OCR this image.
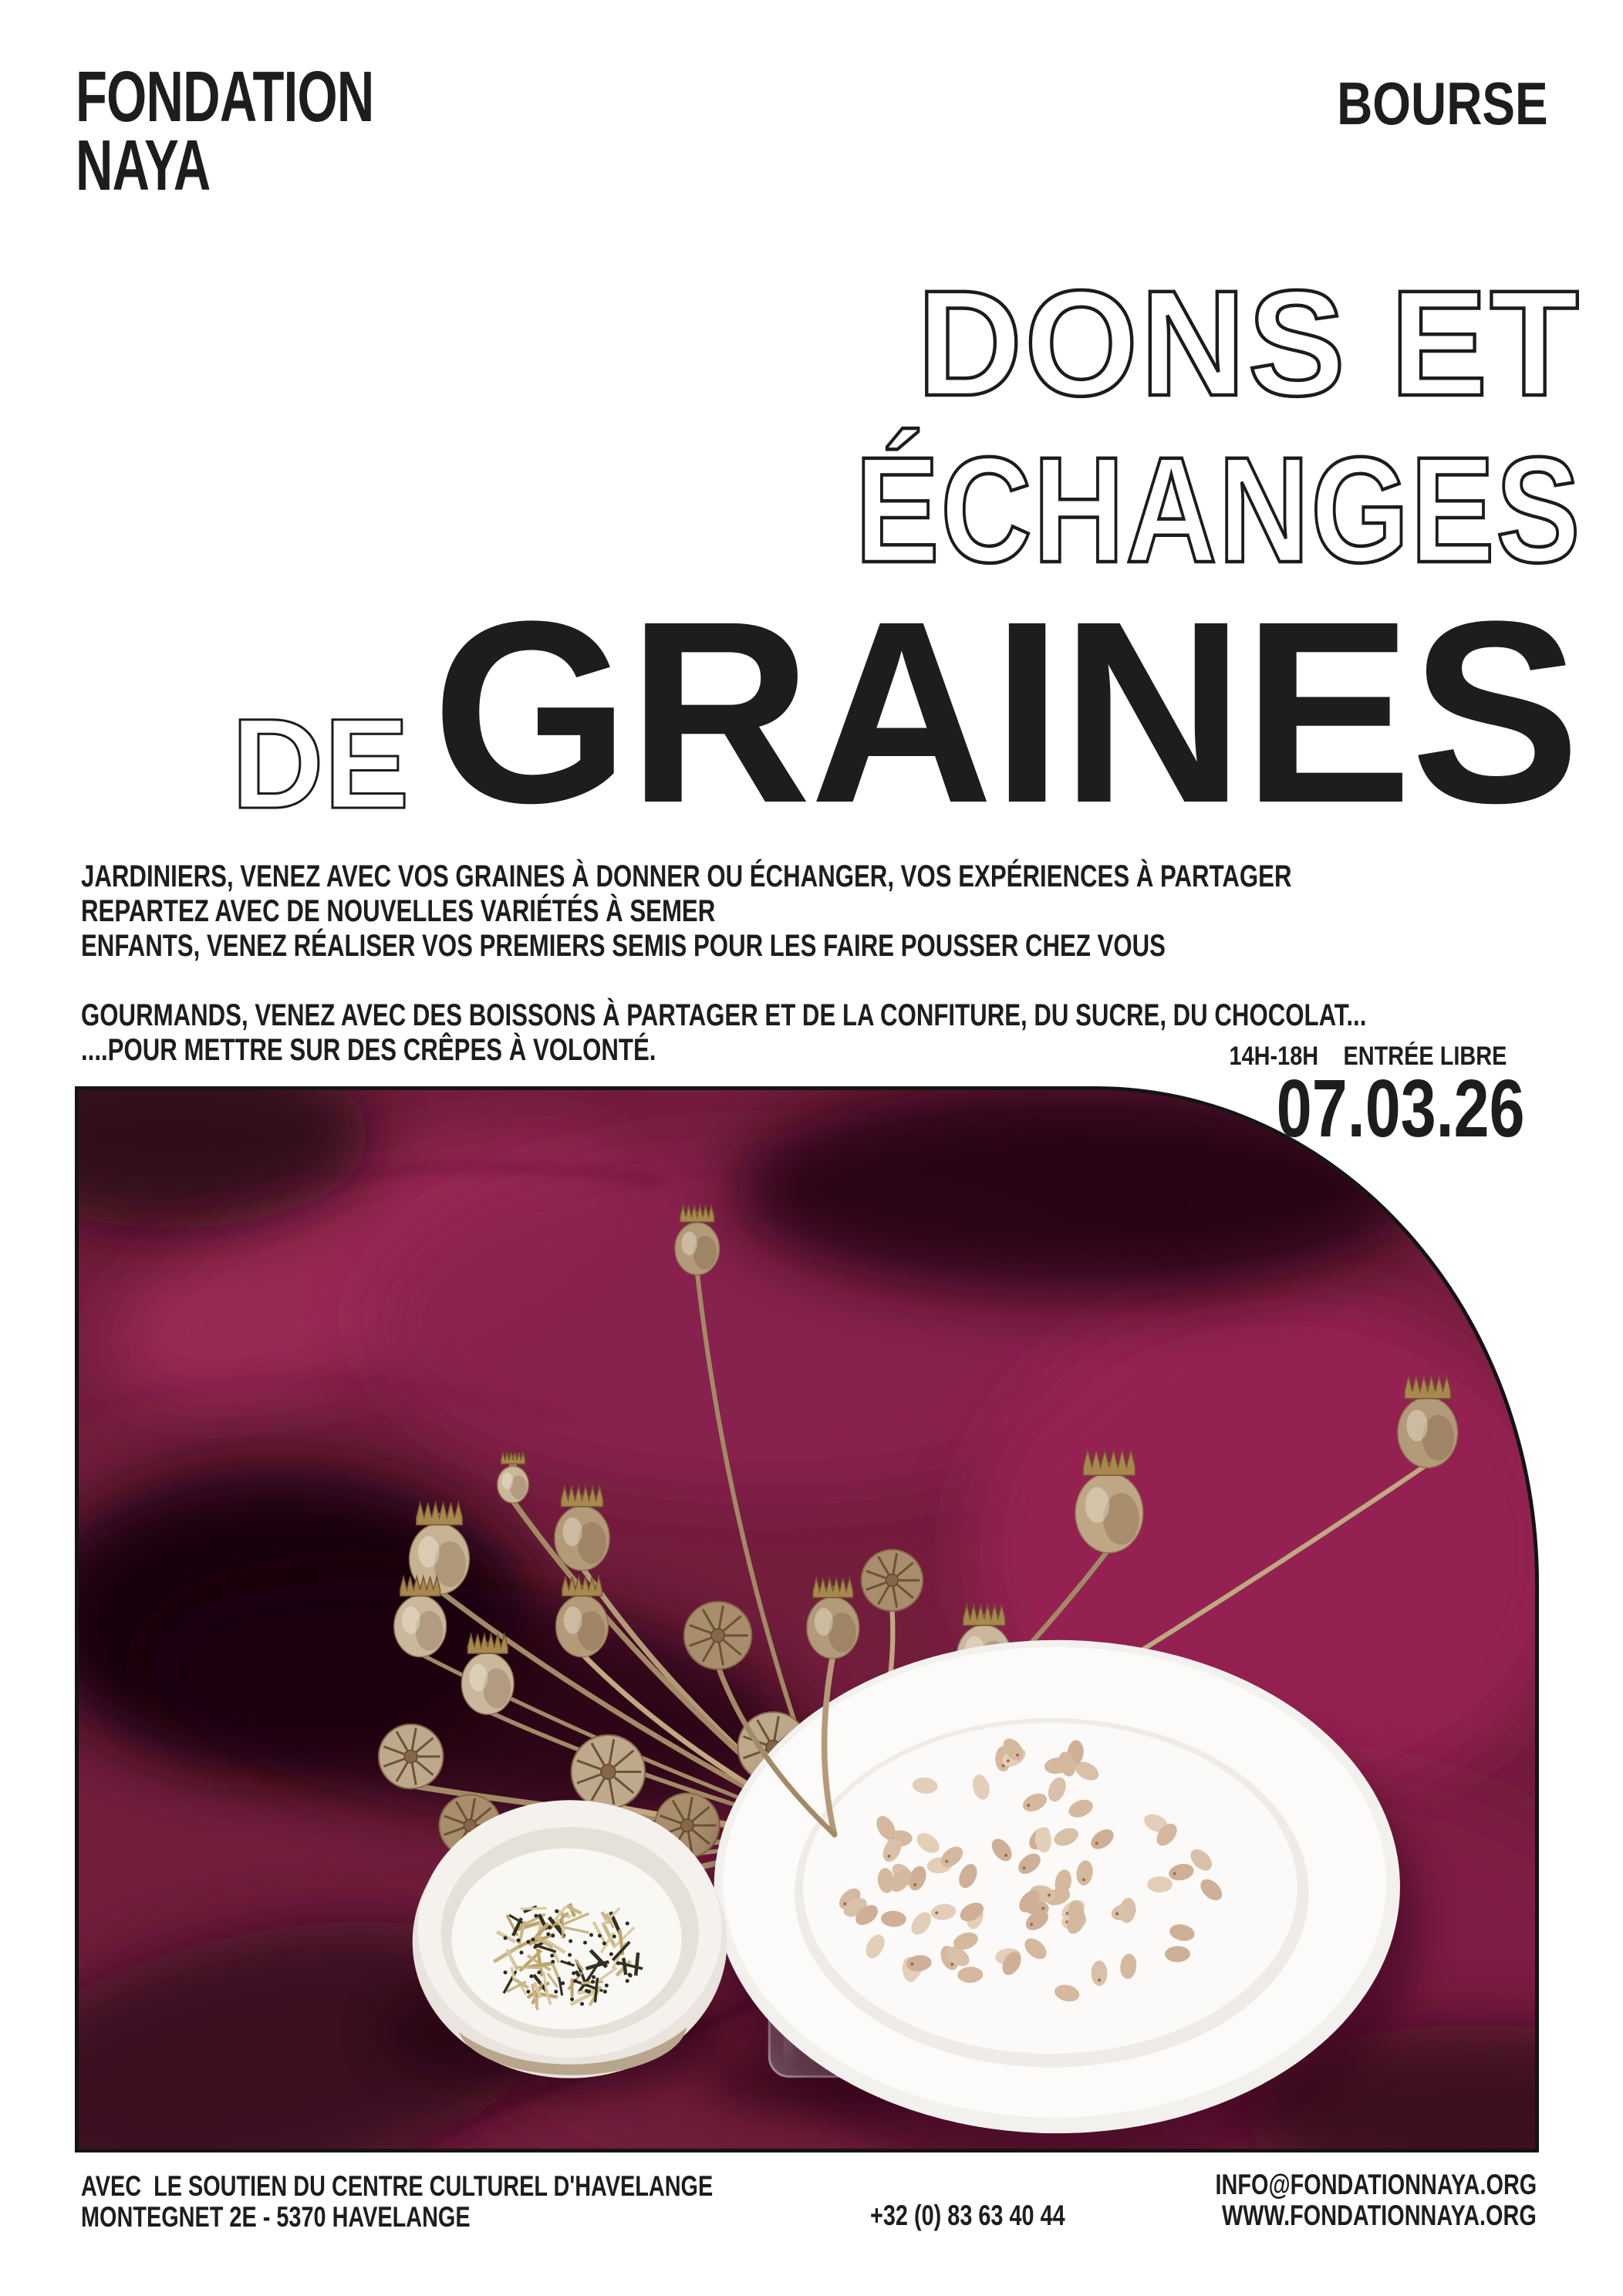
FONDATION
NAYA
BOURSE
DONS ET
ÉCHANGES
DE GRAINES
JARDINIERS, VENEZ AVEC VOS GRAINES À DONNER OU ÉCHANGER, VOS EXPÉRIENCES À PARTAGER
REPARTEZ AVEC DE NOUVELLES VARIÉTÉS À SEMER
ENFANTS, VENEZ RÉALISER VOS PREMIERS SEMIS POUR LES FAIRE POUSSER CHEZ VOUS
GOURMANDS, VENEZ AVEC DES BOISSONS À PARTAGER ET DE LA CONFITURE, DU SUCRE, DU CHOCOLAT...
....POUR METTRE SUR DES CRÊPES À VOLONTÉ.	14H-18H ENTRÉE LIBRE
07.03.26
AVEC  LE SOUTIEN DU CENTRE CULTUREL D'HAVELANGE
MONTEGNET 2E - 5370 HAVELANGE	+32 (0) 83 63 40 44
INFO@FONDATIONNAYA.ORG
WWW.FONDATIONNAYA.ORG
